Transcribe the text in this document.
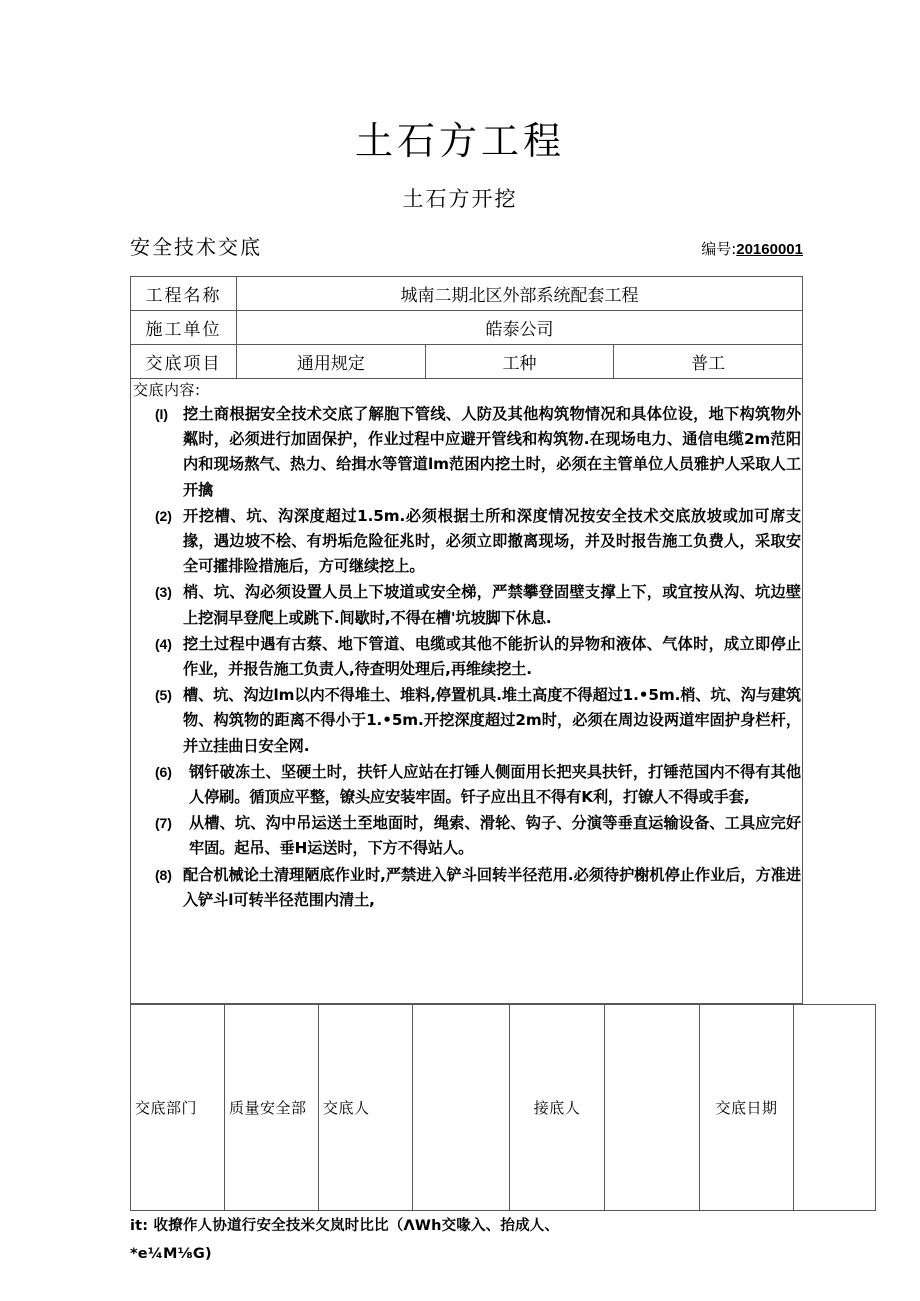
土石方工程
土石方开挖
安全技术交底	编号:20160001
工程名称	城南二期北区外部系统配套工程		
施工单位	皓泰公司		
交底项目	通用规定	工种	普工
交底内容:
(I) 挖土商根据安全技术交底了解胞下管线、人防及其他构筑物情况和具体位设，地下构筑物外粼时，必须进行加固保护，作业过程中应避开管线和构筑物.在现场电力、通信电缆2m范阳内和现场熬气、热力、给揖水等管道lm范困内挖土时，必须在主管单位人员雅护人采取人工开擒
(2) 开挖槽、坑、沟深度超过1.5m.必须根据土所和深度情况按安全技术交底放坡或加可席支掾，遇边坡不桧、有坍垢危险征兆时，必须立即撤离现场，并及时报告施工负费人，采取安全可攉排险措施后，方可继续挖上。
(3) 梢、坑、沟必须设置人员上下坡道或安全梯，严禁攀登固壁支撑上下，或宜按从沟、坑边壁上挖洞早登爬上或跳下.间歇时,不得在槽'坑坡脚下休息.
(4) 挖土过程中遇有古蔡、地下管道、电缆或其他不能折认的异物和液体、气体时，成立即停止作业，并报告施工负责人,待查明处理后,再维续挖土.
(5) 槽、坑、沟边lm以内不得堆土、堆料,停置机具.堆土高度不得超过1.•5m.梢、坑、沟与建筑物、构筑物的距离不得小于1.•5m.开挖深度超过2m时，必须在周边设两道牢固护身栏杆，并立挂曲日安全网.
(6) 钢钎破冻土、坚硬土时，扶钎人应站在打锤人侧面用长把夹具扶钎，打锤范国内不得有其他人停刷。循顶应平整，镣头应安装牢固。钎子应出且不得有K利，打镣人不得或手套,
(7) 从槽、坑、沟中吊运送土至地面时，绳索、滑轮、钩子、分演等垂直运输设备、工具应完好牢固。起吊、垂H运送时，下方不得站人。
(8) 配合机械论土清理陋底作业时,严禁进入铲斗回转半径范用.必须待护榭机停止作业后，方准进入铲斗l可转半径范围内清土,
交底部门	质量安全部	交底人		接底人		交底日期	
it: 收撩作人协道行安全技米攵岚时比比（ΛWh交喙入、抬成人、
*e¼M⅛G)
